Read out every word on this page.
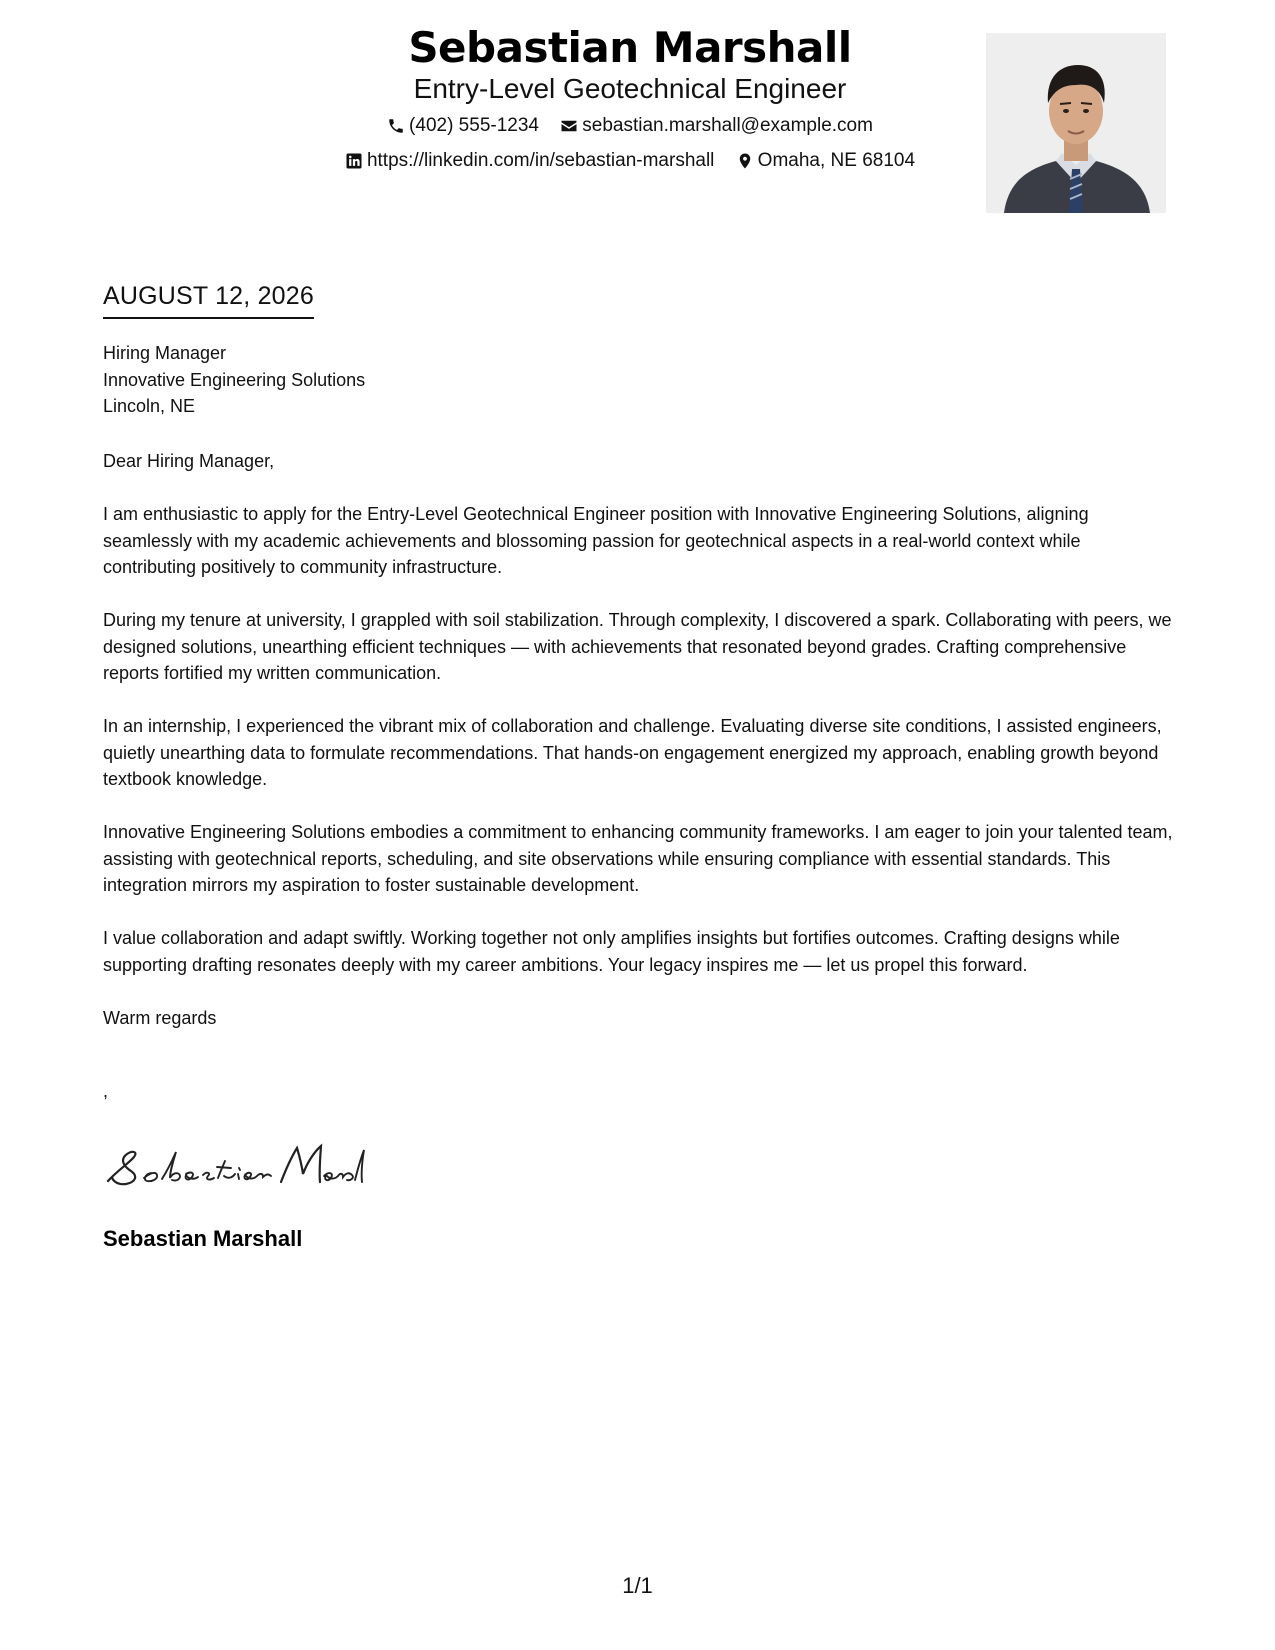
Sebastian Marshall
Entry-Level Geotechnical Engineer
(402) 555-1234
sebastian.marshall@example.com
https://linkedin.com/in/sebastian-marshall
Omaha, NE 68104
AUGUST 12, 2026
Hiring Manager
Innovative Engineering Solutions
Lincoln, NE

Dear Hiring Manager,

I am enthusiastic to apply for the Entry-Level Geotechnical Engineer position with Innovative Engineering Solutions, aligning seamlessly with my academic achievements and blossoming passion for geotechnical aspects in a real-world context while contributing positively to community infrastructure.

During my tenure at university, I grappled with soil stabilization. Through complexity, I discovered a spark. Collaborating with peers, we designed solutions, unearthing efficient techniques — with achievements that resonated beyond grades. Crafting comprehensive reports fortified my written communication.

In an internship, I experienced the vibrant mix of collaboration and challenge. Evaluating diverse site conditions, I assisted engineers, quietly unearthing data to formulate recommendations. That hands-on engagement energized my approach, enabling growth beyond textbook knowledge.

Innovative Engineering Solutions embodies a commitment to enhancing community frameworks. I am eager to join your talented team, assisting with geotechnical reports, scheduling, and site observations while ensuring compliance with essential standards. This integration mirrors my aspiration to foster sustainable development.

I value collaboration and adapt swiftly. Working together not only amplifies insights but fortifies outcomes. Crafting designs while supporting drafting resonates deeply with my career ambitions. Your legacy inspires me — let us propel this forward.

Warm regards

,
Sebastian Marshall
1/1
